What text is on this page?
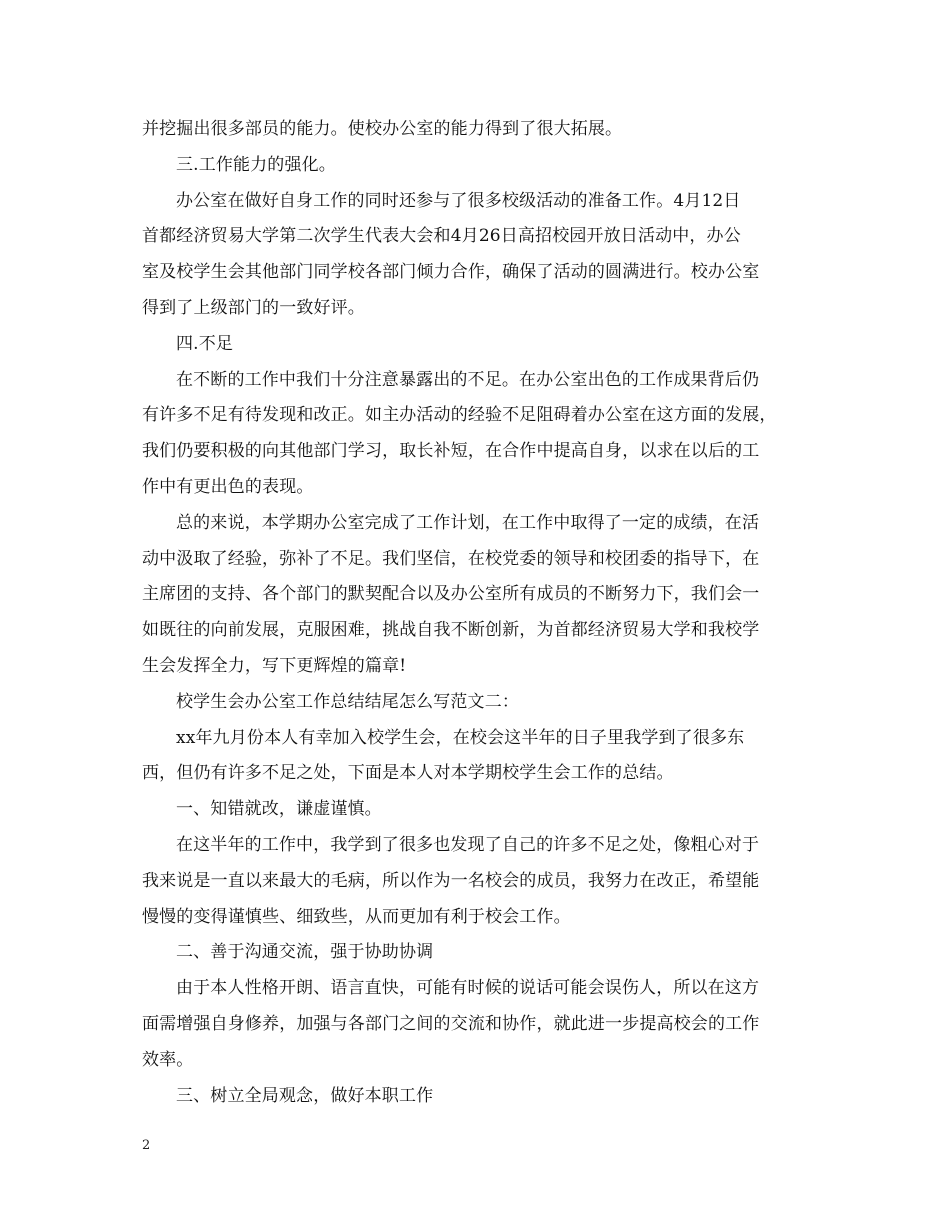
并挖掘出很多部员的能力。使校办公室的能力得到了很大拓展。

三.工作能力的强化。

办公室在做好自身工作的同时还参与了很多校级活动的准备工作。4月12日
首都经济贸易大学第二次学生代表大会和4月26日高招校园开放日活动中，办公
室及校学生会其他部门同学校各部门倾力合作，确保了活动的圆满进行。校办公室
得到了上级部门的一致好评。

四.不足

在不断的工作中我们十分注意暴露出的不足。在办公室出色的工作成果背后仍
有许多不足有待发现和改正。如主办活动的经验不足阻碍着办公室在这方面的发展，
我们仍要积极的向其他部门学习，取长补短，在合作中提高自身，以求在以后的工
作中有更出色的表现。

总的来说，本学期办公室完成了工作计划，在工作中取得了一定的成绩，在活
动中汲取了经验，弥补了不足。我们坚信，在校党委的领导和校团委的指导下，在
主席团的支持、各个部门的默契配合以及办公室所有成员的不断努力下，我们会一
如既往的向前发展，克服困难，挑战自我不断创新，为首都经济贸易大学和我校学
生会发挥全力，写下更辉煌的篇章!

校学生会办公室工作总结结尾怎么写范文二：

xx年九月份本人有幸加入校学生会，在校会这半年的日子里我学到了很多东
西，但仍有许多不足之处，下面是本人对本学期校学生会工作的总结。

一、知错就改，谦虚谨慎。

在这半年的工作中，我学到了很多也发现了自己的许多不足之处，像粗心对于
我来说是一直以来最大的毛病，所以作为一名校会的成员，我努力在改正，希望能
慢慢的变得谨慎些、细致些，从而更加有利于校会工作。

二、善于沟通交流，强于协助协调

由于本人性格开朗、语言直快，可能有时候的说话可能会误伤人，所以在这方
面需增强自身修养，加强与各部门之间的交流和协作，就此进一步提高校会的工作
效率。

三、树立全局观念，做好本职工作

2
